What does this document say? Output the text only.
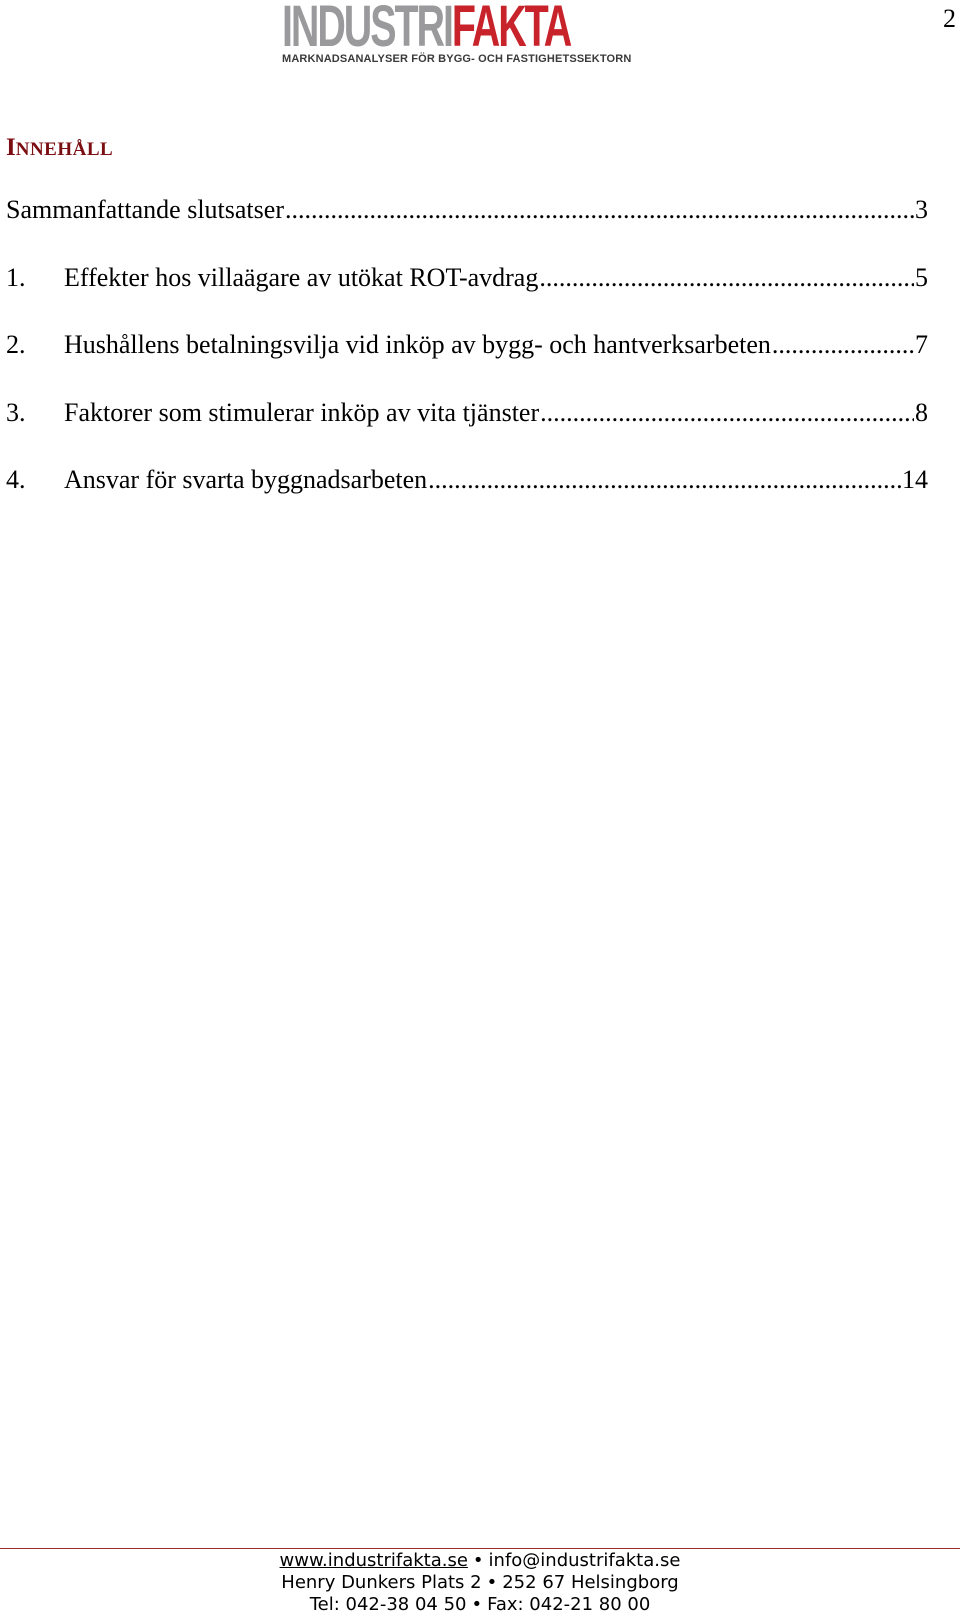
INDUSTRIFAKTA
MARKNADSANALYSER FÖR BYGG- OCH FASTIGHETSSEKTORN
2
INNEHÅLL
Sammanfattande slutsatser .....	3
1.	Effekter hos villaägare av utökat ROT-avdrag .....	5
2.	Hushållens betalningsvilja vid inköp av bygg- och hantverksarbeten .....	7
3.	Faktorer som stimulerar inköp av vita tjänster .....	8
4.	Ansvar för svarta byggnadsarbeten .....	14
www.industrifakta.se • info@industrifakta.se
Henry Dunkers Plats 2 • 252 67 Helsingborg
Tel: 042-38 04 50 • Fax: 042-21 80 00
